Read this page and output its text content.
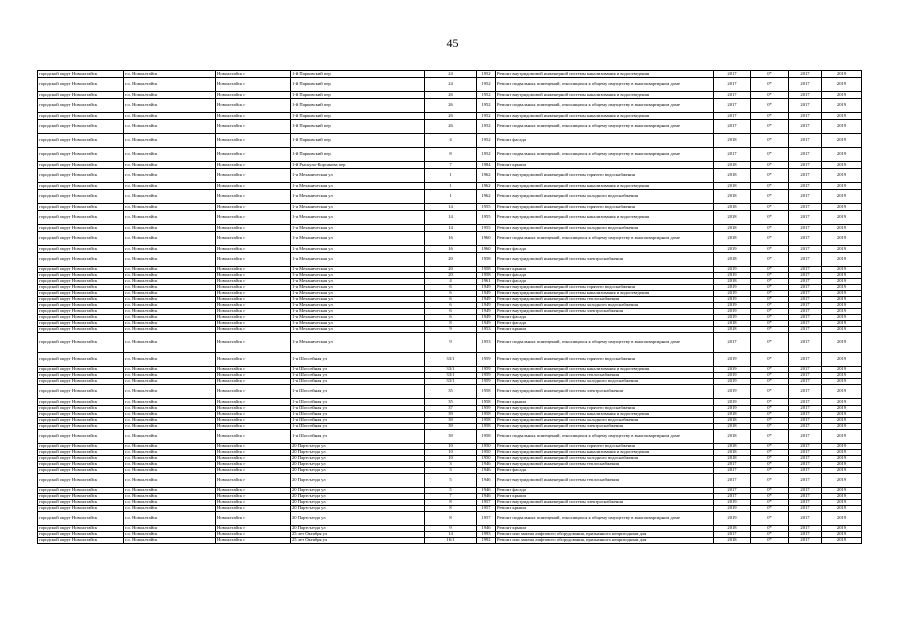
45
городской округ Новоалтайск	г.о. Новоалтайск	Новоалтайск г	1-й Парковский пер	24	1952	Ремонт внутридомовой инженерной системы канализования и водоотведения	2017	0*	2017	2019
городской округ Новоалтайск	г.о. Новоалтайск	Новоалтайск г	1-й Парковский пер	24	1952	Ремонт подвальных помещений, относящихся к общему имуществу в многоквартирном доме	2017	0*	2017	2019
городской округ Новоалтайск	г.о. Новоалтайск	Новоалтайск г	1-й Парковский пер	26	1952	Ремонт внутридомовой инженерной системы канализования и водоотведения	2017	0*	2017	2019
городской округ Новоалтайск	г.о. Новоалтайск	Новоалтайск г	1-й Парковский пер	26	1952	Ремонт подвальных помещений, относящихся к общему имуществу в многоквартирном доме	2017	0*	2017	2019
городской округ Новоалтайск	г.о. Новоалтайск	Новоалтайск г	1-й Парковский пер	26	1952	Ремонт внутридомовой инженерной системы канализования и водоотведения	2017	0*	2017	2019
городской округ Новоалтайск	г.о. Новоалтайск	Новоалтайск г	1-й Парковский пер	26	1952	Ремонт подвальных помещений, относящихся к общему имуществу в многоквартирном доме	2017	0*	2017	2019
городской округ Новоалтайск	г.о. Новоалтайск	Новоалтайск г	1-й Парковский пер	4	1952	Ремонт фасада	2018	0*	2017	2019
городской округ Новоалтайск	г.о. Новоалтайск	Новоалтайск г	1-й Парковский пер	8	1952	Ремонт подвальных помещений, относящихся к общему имуществу в многоквартирном доме	2017	0*	2017	2019
городской округ Новоалтайск	г.о. Новоалтайск	Новоалтайск г	1-й Рыскуло-Корсакова пер	7	1984	Ремонт крыши	2018	0*	2017	2019
городской округ Новоалтайск	г.о. Новоалтайск	Новоалтайск г	1-я Механическая ул	1	1962	Ремонт внутридомовой инженерной системы горячего водоснабжения	2018	0*	2017	2019
городской округ Новоалтайск	г.о. Новоалтайск	Новоалтайск г	1-я Механическая ул	1	1962	Ремонт внутридомовой инженерной системы канализования и водоотведения	2018	0*	2017	2019
городской округ Новоалтайск	г.о. Новоалтайск	Новоалтайск г	1-я Механическая ул	1	1962	Ремонт внутридомовой инженерной системы холодного водоснабжения	2018	0*	2017	2019
городской округ Новоалтайск	г.о. Новоалтайск	Новоалтайск г	1-я Механическая ул	14	1955	Ремонт внутридомовой инженерной системы горячего водоснабжения	2018	0*	2017	2019
городской округ Новоалтайск	г.о. Новоалтайск	Новоалтайск г	1-я Механическая ул	14	1955	Ремонт внутридомовой инженерной системы канализования и водоотведения	2018	0*	2017	2019
городской округ Новоалтайск	г.о. Новоалтайск	Новоалтайск г	1-я Механическая ул	14	1955	Ремонт внутридомовой инженерной системы холодного водоснабжения	2018	0*	2017	2019
городской округ Новоалтайск	г.о. Новоалтайск	Новоалтайск г	1-я Механическая ул	16	1960	Ремонт подвальных помещений, относящихся к общему имуществу в многоквартирном доме	2018	0*	2017	2019
городской округ Новоалтайск	г.о. Новоалтайск	Новоалтайск г	1-я Механическая ул	16	1960	Ремонт фасада	2019	0*	2017	2019
городской округ Новоалтайск	г.о. Новоалтайск	Новоалтайск г	1-я Механическая ул	20	1958	Ремонт внутридомовой инженерной системы электроснабжения	2018	0*	2017	2019
городской округ Новоалтайск	г.о. Новоалтайск	Новоалтайск г	1-я Механическая ул	20	1958	Ремонт крыши	2019	0*	2017	2019
городской округ Новоалтайск	г.о. Новоалтайск	Новоалтайск г	1-я Механическая ул	20	1958	Ремонт фасада	2019	0*	2017	2019
городской округ Новоалтайск	г.о. Новоалтайск	Новоалтайск г	1-я Механическая ул	4	1961	Ремонт фасада	2018	0*	2017	2019
городской округ Новоалтайск	г.о. Новоалтайск	Новоалтайск г	1-я Механическая ул	6	1949	Ремонт внутридомовой инженерной системы горячего водоснабжения	2019	0*	2017	2019
городской округ Новоалтайск	г.о. Новоалтайск	Новоалтайск г	1-я Механическая ул	6	1949	Ремонт внутридомовой инженерной системы канализования и водоотведения	2019	0*	2017	2019
городской округ Новоалтайск	г.о. Новоалтайск	Новоалтайск г	1-я Механическая ул	6	1949	Ремонт внутридомовой инженерной системы теплоснабжения	2019	0*	2017	2019
городской округ Новоалтайск	г.о. Новоалтайск	Новоалтайск г	1-я Механическая ул	6	1949	Ремонт внутридомовой инженерной системы холодного водоснабжения	2019	0*	2017	2019
городской округ Новоалтайск	г.о. Новоалтайск	Новоалтайск г	1-я Механическая ул	6	1949	Ремонт внутридомовой инженерной системы электроснабжения	2019	0*	2017	2019
городской округ Новоалтайск	г.о. Новоалтайск	Новоалтайск г	1-я Механическая ул	6	1949	Ремонт фасада	2019	0*	2017	2019
городской округ Новоалтайск	г.о. Новоалтайск	Новоалтайск г	1-я Механическая ул	8	1949	Ремонт фасада	2018	0*	2017	2019
городской округ Новоалтайск	г.о. Новоалтайск	Новоалтайск г	1-я Механическая ул	9	1953	Ремонт крыши	2018	0*	2017	2019
городской округ Новоалтайск	г.о. Новоалтайск	Новоалтайск г	1-я Механическая ул	9	1953	Ремонт подвальных помещений, относящихся к общему имуществу в многоквартирном доме	2017	0*	2017	2019
городской округ Новоалтайск	г.о. Новоалтайск	Новоалтайск г	1-я Шоссейная ул	33/1	1959	Ремонт внутридомовой инженерной системы горячего водоснабжения	2019	0*	2017	2019
городской округ Новоалтайск	г.о. Новоалтайск	Новоалтайск г	1-я Шоссейная ул	33/1	1959	Ремонт внутридомовой инженерной системы канализования и водоотведения	2019	0*	2017	2019
городской округ Новоалтайск	г.о. Новоалтайск	Новоалтайск г	1-я Шоссейная ул	33/1	1959	Ремонт внутридомовой инженерной системы теплоснабжения	2019	0*	2017	2019
городской округ Новоалтайск	г.о. Новоалтайск	Новоалтайск г	1-я Шоссейная ул	33/1	1959	Ремонт внутридомовой инженерной системы холодного водоснабжения	2019	0*	2017	2019
городской округ Новоалтайск	г.о. Новоалтайск	Новоалтайск г	1-я Шоссейная ул	35	1958	Ремонт внутридомовой инженерной системы электроснабжения	2019	0*	2017	2019
городской округ Новоалтайск	г.о. Новоалтайск	Новоалтайск г	1-я Шоссейная ул	35	1958	Ремонт крыши	2019	0*	2017	2019
городской округ Новоалтайск	г.о. Новоалтайск	Новоалтайск г	1-я Шоссейная ул	37	1959	Ремонт внутридомовой инженерной системы горячего водоснабжения	2019	0*	2017	2019
городской округ Новоалтайск	г.о. Новоалтайск	Новоалтайск г	1-я Шоссейная ул	39	1958	Ремонт внутридомовой инженерной системы канализования и водоотведения	2018	0*	2017	2019
городской округ Новоалтайск	г.о. Новоалтайск	Новоалтайск г	1-я Шоссейная ул	39	1958	Ремонт внутридомовой инженерной системы холодного водоснабжения	2018	0*	2017	2019
городской округ Новоалтайск	г.о. Новоалтайск	Новоалтайск г	1-я Шоссейная ул	39	1958	Ремонт внутридомовой инженерной системы электроснабжения	2018	0*	2017	2019
городской округ Новоалтайск	г.о. Новоалтайск	Новоалтайск г	1-я Шоссейная ул	39	1958	Ремонт подвальных помещений, относящихся к общему имуществу в многоквартирном доме	2018	0*	2017	2019
городской округ Новоалтайск	г.о. Новоалтайск	Новоалтайск г	20 Партсъезда ул	10	1950	Ремонт внутридомовой инженерной системы горячего водоснабжения	2018	0*	2017	2019
городской округ Новоалтайск	г.о. Новоалтайск	Новоалтайск г	20 Партсъезда ул	10	1950	Ремонт внутридомовой инженерной системы канализования и водоотведения	2018	0*	2017	2019
городской округ Новоалтайск	г.о. Новоалтайск	Новоалтайск г	20 Партсъезда ул	10	1950	Ремонт внутридомовой инженерной системы холодного водоснабжения	2018	0*	2017	2019
городской округ Новоалтайск	г.о. Новоалтайск	Новоалтайск г	20 Партсъезда ул	3	1946	Ремонт внутридомовой инженерной системы теплоснабжения	2017	0*	2017	2019
городской округ Новоалтайск	г.о. Новоалтайск	Новоалтайск г	20 Партсъезда ул	3	1946	Ремонт фасада	2017	0*	2017	2019
городской округ Новоалтайск	г.о. Новоалтайск	Новоалтайск г	20 Партсъезда ул	5	1946	Ремонт внутридомовой инженерной системы теплоснабжения	2017	0*	2017	2019
городской округ Новоалтайск	г.о. Новоалтайск	Новоалтайск г	20 Партсъезда ул	5	1946	Ремонт фасада	2017	0*	2017	2019
городской округ Новоалтайск	г.о. Новоалтайск	Новоалтайск г	20 Партсъезда ул	7	1946	Ремонт крыши	2017	0*	2017	2019
городской округ Новоалтайск	г.о. Новоалтайск	Новоалтайск г	20 Партсъезда ул	8	1957	Ремонт внутридомовой инженерной системы электроснабжения	2019	0*	2017	2019
городской округ Новоалтайск	г.о. Новоалтайск	Новоалтайск г	20 Партсъезда ул	8	1957	Ремонт крыши	2019	0*	2017	2019
городской округ Новоалтайск	г.о. Новоалтайск	Новоалтайск г	20 Партсъезда ул	8	1957	Ремонт подвальных помещений, относящихся к общему имуществу в многоквартирном доме	2019	0*	2017	2019
городской округ Новоалтайск	г.о. Новоалтайск	Новоалтайск г	20 Партсъезда ул	9	1946	Ремонт крыши	2018	0*	2017	2019
городской округ Новоалтайск	г.о. Новоалтайск	Новоалтайск г	25 лет Октября ул	14	1993	Ремонт или замена лифтового оборудования, признанного непригодным для	2017	0*	2017	2019
городской округ Новоалтайск	г.о. Новоалтайск	Новоалтайск г	25 лет Октября ул	16/1	1992	Ремонт или замена лифтового оборудования, признанного непригодным для	2018	0*	2017	2019
